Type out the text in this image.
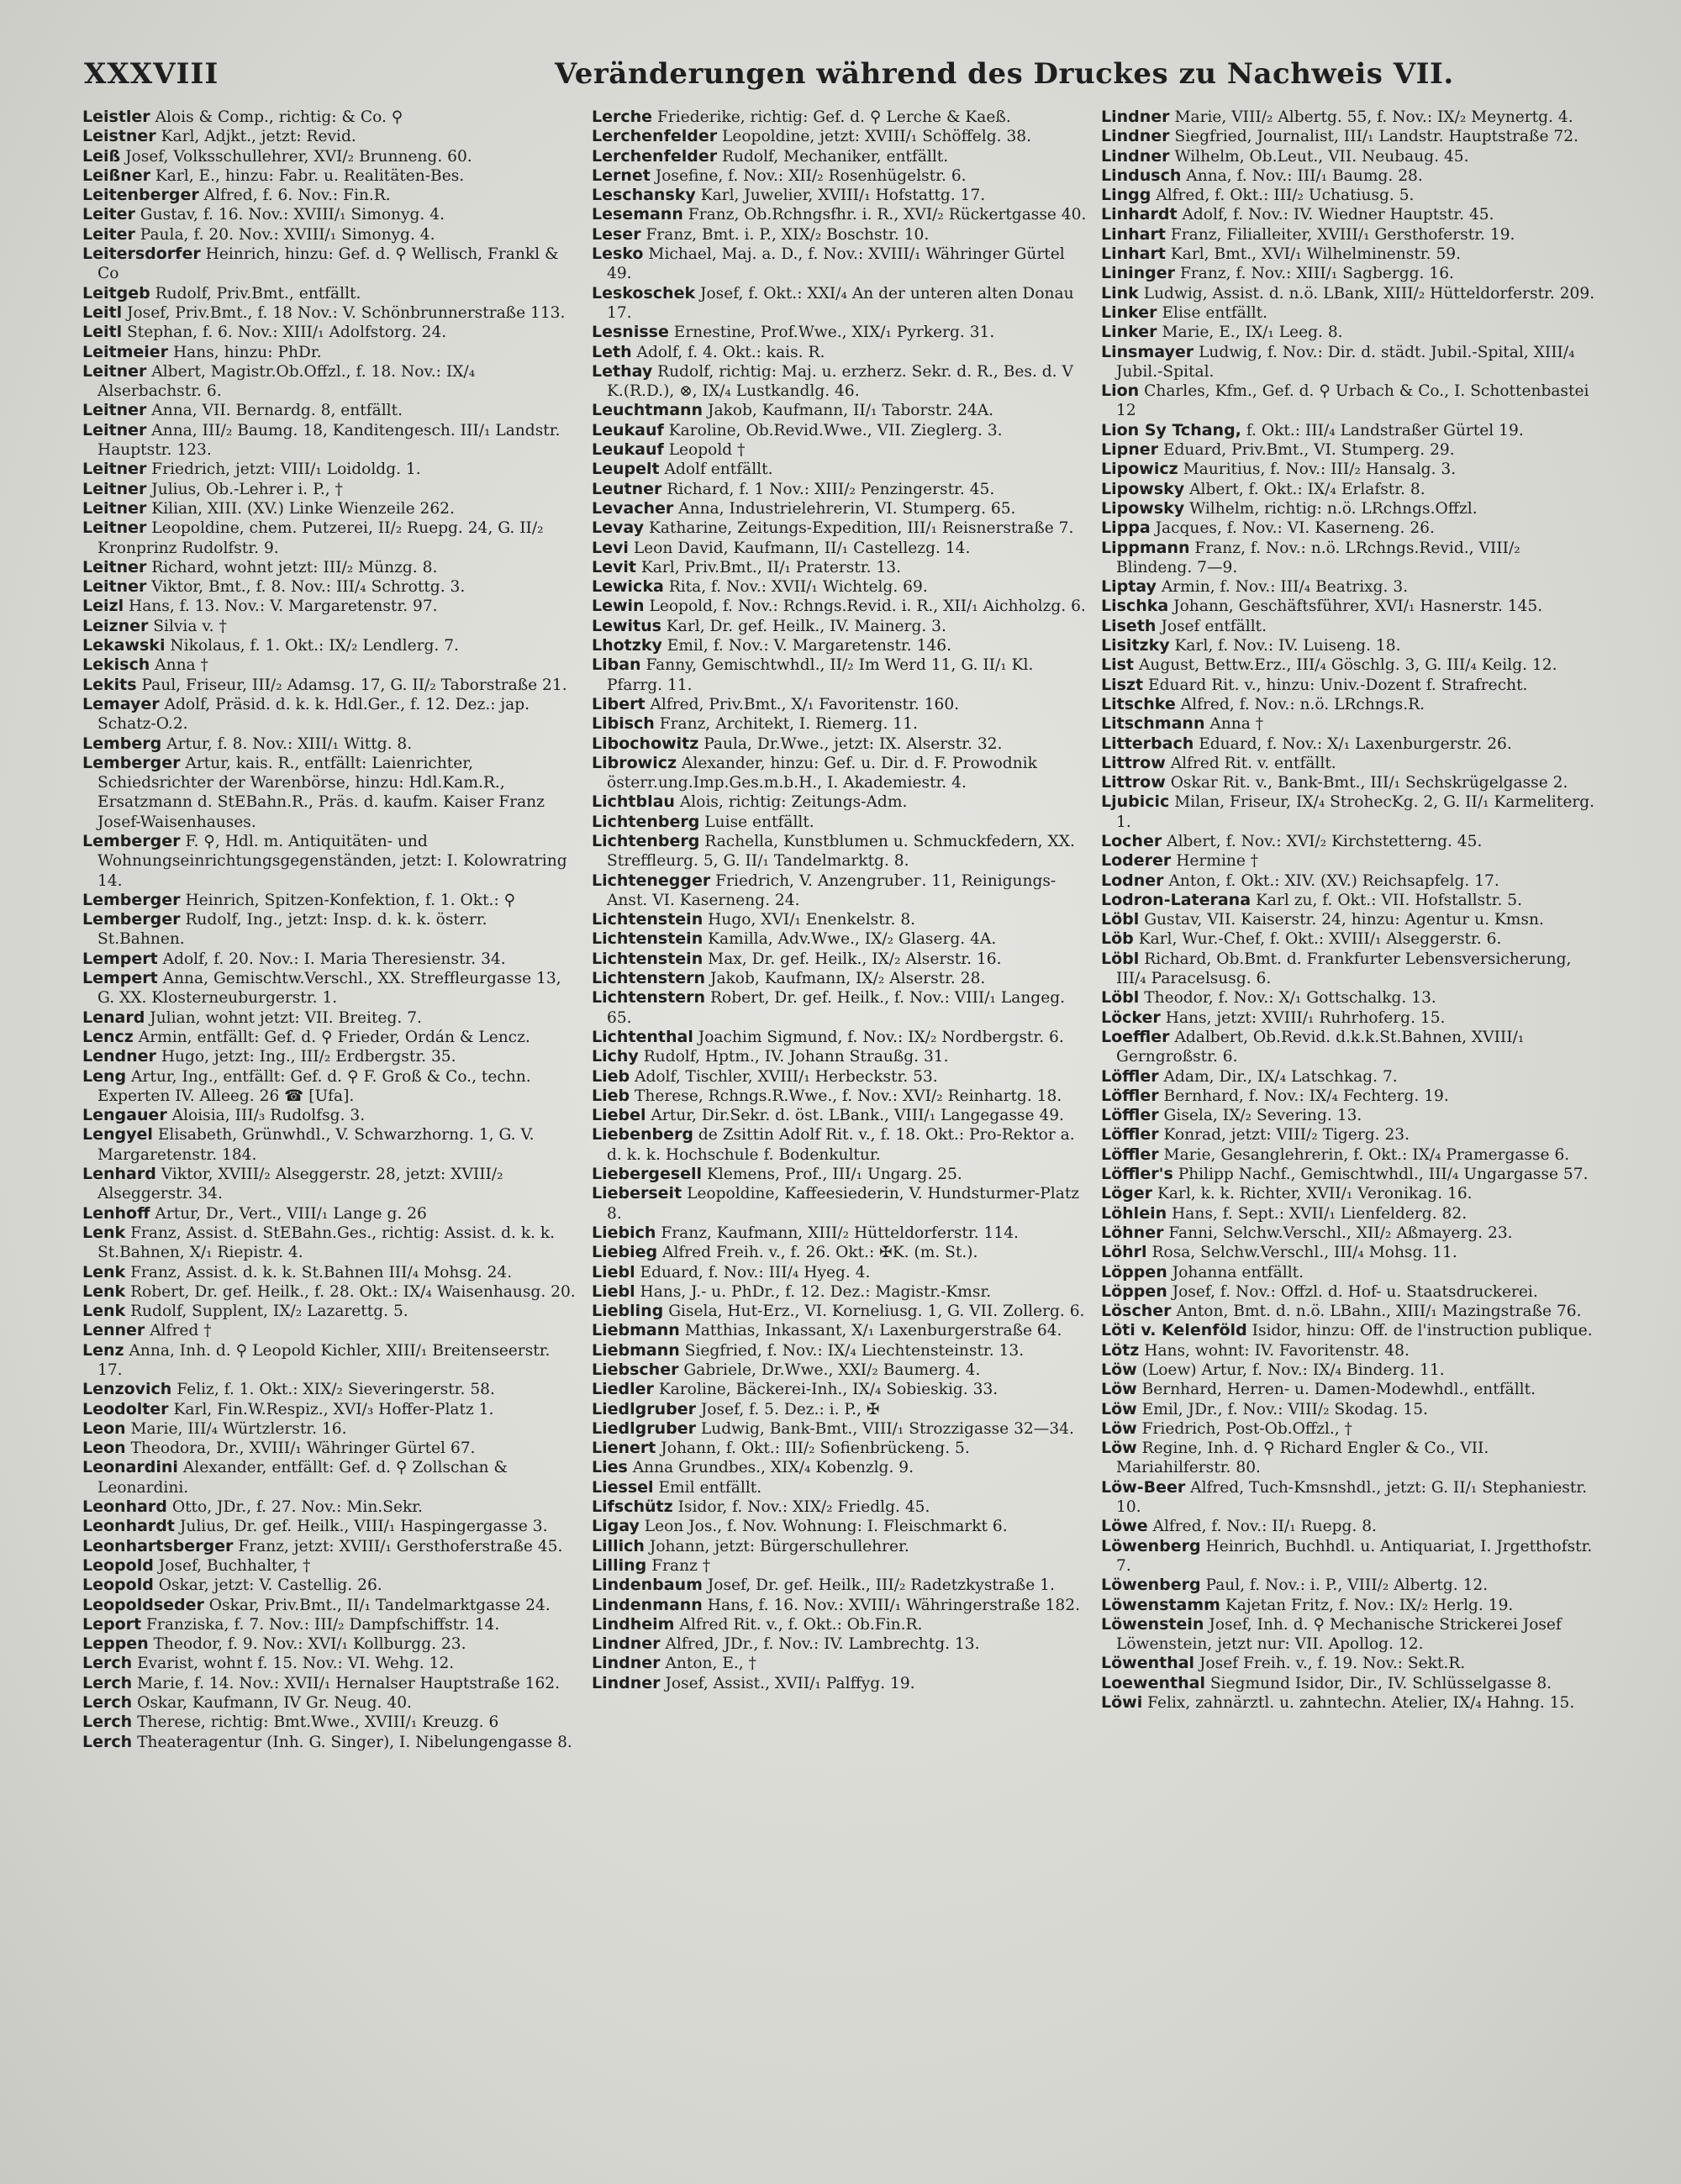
XXXVIII	Veränderungen während des Druckes zu Nachweis VII.

Leistler Alois & Comp., richtig: & Co. ⚲

Leistner Karl, Adjkt., jetzt: Revid.

Leiß Josef, Volksschullehrer, XVI/₂ Brunneng. 60.

Leißner Karl, E., hinzu: Fabr. u. Realitäten-Bes.

Leitenberger Alfred, f. 6. Nov.: Fin.R.

Leiter Gustav, f. 16. Nov.: XVIII/₁ Simonyg. 4.

Leiter Paula, f. 20. Nov.: XVIII/₁ Simonyg. 4.

Leitersdorfer Heinrich, hinzu: Gef. d. ⚲ Wellisch, Frankl & Co

Leitgeb Rudolf, Priv.Bmt., entfällt.

Leitl Josef, Priv.Bmt., f. 18 Nov.: V. Schönbrunnerstraße 113.

Leitl Stephan, f. 6. Nov.: XIII/₁ Adolfstorg. 24.

Leitmeier Hans, hinzu: PhDr.

Leitner Albert, Magistr.Ob.Offzl., f. 18. Nov.: IX/₄ Alserbachstr. 6.

Leitner Anna, VII. Bernardg. 8, entfällt.

Leitner Anna, III/₂ Baumg. 18, Kanditengesch. III/₁ Landstr. Hauptstr. 123.

Leitner Friedrich, jetzt: VIII/₁ Loidoldg. 1.

Leitner Julius, Ob.-Lehrer i. P., †

Leitner Kilian, XIII. (XV.) Linke Wienzeile 262.

Leitner Leopoldine, chem. Putzerei, II/₂ Ruepg. 24, G. II/₂ Kronprinz Rudolfstr. 9.

Leitner Richard, wohnt jetzt: III/₂ Münzg. 8.

Leitner Viktor, Bmt., f. 8. Nov.: III/₄ Schrottg. 3.

Leizl Hans, f. 13. Nov.: V. Margaretenstr. 97.

Leizner Silvia v. †

Lekawski Nikolaus, f. 1. Okt.: IX/₂ Lendlerg. 7.

Lekisch Anna †

Lekits Paul, Friseur, III/₂ Adamsg. 17, G. II/₂ Taborstraße 21.

Lemayer Adolf, Präsid. d. k. k. Hdl.Ger., f. 12. Dez.: jap. Schatz-O.2.

Lemberg Artur, f. 8. Nov.: XIII/₁ Wittg. 8.

Lemberger Artur, kais. R., entfällt: Laienrichter, Schiedsrichter der Warenbörse, hinzu: Hdl.Kam.R., Ersatzmann d. StEBahn.R., Präs. d. kaufm. Kaiser Franz Josef-Waisenhauses.

Lemberger F. ⚲, Hdl. m. Antiquitäten- und Wohnungseinrichtungsgegenständen, jetzt: I. Kolowratring 14.

Lemberger Heinrich, Spitzen-Konfektion, f. 1. Okt.: ⚲

Lemberger Rudolf, Ing., jetzt: Insp. d. k. k. österr. St.Bahnen.

Lempert Adolf, f. 20. Nov.: I. Maria Theresienstr. 34.

Lempert Anna, Gemischtw.Verschl., XX. Streffleurgasse 13, G. XX. Klosterneuburgerstr. 1.

Lenard Julian, wohnt jetzt: VII. Breiteg. 7.

Lencz Armin, entfällt: Gef. d. ⚲ Frieder, Ordán & Lencz.

Lendner Hugo, jetzt: Ing., III/₂ Erdbergstr. 35.

Leng Artur, Ing., entfällt: Gef. d. ⚲ F. Groß & Co., techn. Experten IV. Alleeg. 26 ☎ [Ufa].

Lengauer Aloisia, III/₃ Rudolfsg. 3.

Lengyel Elisabeth, Grünwhdl., V. Schwarzhorng. 1, G. V. Margaretenstr. 184.

Lenhard Viktor, XVIII/₂ Alseggerstr. 28, jetzt: XVIII/₂ Alseggerstr. 34.

Lenhoff Artur, Dr., Vert., VIII/₁ Lange g. 26

Lenk Franz, Assist. d. StEBahn.Ges., richtig: Assist. d. k. k. St.Bahnen, X/₁ Riepistr. 4.

Lenk Franz, Assist. d. k. k. St.Bahnen III/₄ Mohsg. 24.

Lenk Robert, Dr. gef. Heilk., f. 28. Okt.: IX/₄ Waisenhausg. 20.

Lenk Rudolf, Supplent, IX/₂ Lazarettg. 5.

Lenner Alfred †

Lenz Anna, Inh. d. ⚲ Leopold Kichler, XIII/₁ Breitenseerstr. 17.

Lenzovich Feliz, f. 1. Okt.: XIX/₂ Sieveringerstr. 58.

Leodolter Karl, Fin.W.Respiz., XVI/₃ Hoffer-Platz 1.

Leon Marie, III/₄ Würtzlerstr. 16.

Leon Theodora, Dr., XVIII/₁ Währinger Gürtel 67.

Leonardini Alexander, entfällt: Gef. d. ⚲ Zollschan & Leonardini.

Leonhard Otto, JDr., f. 27. Nov.: Min.Sekr.

Leonhardt Julius, Dr. gef. Heilk., VIII/₁ Haspingergasse 3.

Leonhartsberger Franz, jetzt: XVIII/₁ Gersthoferstraße 45.

Leopold Josef, Buchhalter, †

Leopold Oskar, jetzt: V. Castellig. 26.

Leopoldseder Oskar, Priv.Bmt., II/₁ Tandelmarktgasse 24.

Leport Franziska, f. 7. Nov.: III/₂ Dampfschiffstr. 14.

Leppen Theodor, f. 9. Nov.: XVI/₁ Kollburgg. 23.

Lerch Evarist, wohnt f. 15. Nov.: VI. Wehg. 12.

Lerch Marie, f. 14. Nov.: XVII/₁ Hernalser Hauptstraße 162.

Lerch Oskar, Kaufmann, IV Gr. Neug. 40.

Lerch Therese, richtig: Bmt.Wwe., XVIII/₁ Kreuzg. 6

Lerch Theateragentur (Inh. G. Singer), I. Nibelungengasse 8.

Lerche Friederike, richtig: Gef. d. ⚲ Lerche & Kaeß.

Lerchenfelder Leopoldine, jetzt: XVIII/₁ Schöffelg. 38.

Lerchenfelder Rudolf, Mechaniker, entfällt.

Lernet Josefine, f. Nov.: XII/₂ Rosenhügelstr. 6.

Leschansky Karl, Juwelier, XVIII/₁ Hofstattg. 17.

Lesemann Franz, Ob.Rchngsfhr. i. R., XVI/₂ Rückertgasse 40.

Leser Franz, Bmt. i. P., XIX/₂ Boschstr. 10.

Lesko Michael, Maj. a. D., f. Nov.: XVIII/₁ Währinger Gürtel 49.

Leskoschek Josef, f. Okt.: XXI/₄ An der unteren alten Donau 17.

Lesnisse Ernestine, Prof.Wwe., XIX/₁ Pyrkerg. 31.

Leth Adolf, f. 4. Okt.: kais. R.

Lethay Rudolf, richtig: Maj. u. erzherz. Sekr. d. R., Bes. d. V K.(R.D.), ⊗, IX/₄ Lustkandlg. 46.

Leuchtmann Jakob, Kaufmann, II/₁ Taborstr. 24A.

Leukauf Karoline, Ob.Revid.Wwe., VII. Zieglerg. 3.

Leukauf Leopold †

Leupelt Adolf entfällt.

Leutner Richard, f. 1 Nov.: XIII/₂ Penzingerstr. 45.

Levacher Anna, Industrielehrerin, VI. Stumperg. 65.

Levay Katharine, Zeitungs-Expedition, III/₁ Reisnerstraße 7.

Levi Leon David, Kaufmann, II/₁ Castellezg. 14.

Levit Karl, Priv.Bmt., II/₁ Praterstr. 13.

Lewicka Rita, f. Nov.: XVII/₁ Wichtelg. 69.

Lewin Leopold, f. Nov.: Rchngs.Revid. i. R., XII/₁ Aichholzg. 6.

Lewitus Karl, Dr. gef. Heilk., IV. Mainerg. 3.

Lhotzky Emil, f. Nov.: V. Margaretenstr. 146.

Liban Fanny, Gemischtwhdl., II/₂ Im Werd 11, G. II/₁ Kl. Pfarrg. 11.

Libert Alfred, Priv.Bmt., X/₁ Favoritenstr. 160.

Libisch Franz, Architekt, I. Riemerg. 11.

Libochowitz Paula, Dr.Wwe., jetzt: IX. Alserstr. 32.

Librowicz Alexander, hinzu: Gef. u. Dir. d. F. Prowodnik österr.ung.Imp.Ges.m.b.H., I. Akademiestr. 4.

Lichtblau Alois, richtig: Zeitungs-Adm.

Lichtenberg Luise entfällt.

Lichtenberg Rachella, Kunstblumen u. Schmuckfedern, XX. Streffleurg. 5, G. II/₁ Tandelmarktg. 8.

Lichtenegger Friedrich, V. Anzengrubег. 11, Reinigungs-Anst. VI. Kaserneng. 24.

Lichtenstein Hugo, XVI/₁ Enenkelstr. 8.

Lichtenstein Kamilla, Adv.Wwe., IX/₂ Glaserg. 4A.

Lichtenstein Max, Dr. gef. Heilk., IX/₂ Alserstr. 16.

Lichtenstern Jakob, Kaufmann, IX/₂ Alserstr. 28.

Lichtenstern Robert, Dr. gef. Heilk., f. Nov.: VIII/₁ Langeg. 65.

Lichtenthal Joachim Sigmund, f. Nov.: IX/₂ Nordbergstr. 6.

Lichy Rudolf, Hptm., IV. Johann Straußg. 31.

Lieb Adolf, Tischler, XVIII/₁ Herbeckstr. 53.

Lieb Therese, Rchngs.R.Wwe., f. Nov.: XVI/₂ Reinhartg. 18.

Liebel Artur, Dir.Sekr. d. öst. LBank., VIII/₁ Langegasse 49.

Liebenberg de Zsittin Adolf Rit. v., f. 18. Okt.: Pro-Rektor a. d. k. k. Hochschule f. Bodenkultur.

Liebergesell Klemens, Prof., III/₁ Ungarg. 25.

Lieberseit Leopoldine, Kaffeesiederin, V. Hundsturmer-Platz 8.

Liebich Franz, Kaufmann, XIII/₂ Hütteldorferstr. 114.

Liebieg Alfred Freih. v., f. 26. Okt.: ✠K. (m. St.).

Liebl Eduard, f. Nov.: III/₄ Hyeg. 4.

Liebl Hans, J.- u. PhDr., f. 12. Dez.: Magistr.-Kmsr.

Liebling Gisela, Hut-Erz., VI. Korneliusg. 1, G. VII. Zollerg. 6.

Liebmann Matthias, Inkassant, X/₁ Laxenburgerstraße 64.

Liebmann Siegfried, f. Nov.: IX/₄ Liechtensteinstr. 13.

Liebscher Gabriele, Dr.Wwe., XXI/₂ Baumerg. 4.

Liedler Karoline, Bäckerei-Inh., IX/₄ Sobieskig. 33.

Liedlgruber Josef, f. 5. Dez.: i. P., ✠

Liedlgruber Ludwig, Bank-Bmt., VIII/₁ Strozzigasse 32—34.

Lienert Johann, f. Okt.: III/₂ Sofienbrückeng. 5.

Lies Anna Grundbes., XIX/₄ Kobenzlg. 9.

Liessel Emil entfällt.

Lifschütz Isidor, f. Nov.: XIX/₂ Friedlg. 45.

Ligay Leon Jos., f. Nov. Wohnung: I. Fleischmarkt 6.

Lillich Johann, jetzt: Bürgerschullehrer.

Lilling Franz †

Lindenbaum Josef, Dr. gef. Heilk., III/₂ Radetzkystraße 1.

Lindenmann Hans, f. 16. Nov.: XVIII/₁ Währingerstraße 182.

Lindheim Alfred Rit. v., f. Okt.: Ob.Fin.R.

Lindner Alfred, JDr., f. Nov.: IV. Lambrechtg. 13.

Lindner Anton, E., †

Lindner Josef, Assist., XVII/₁ Palffyg. 19.

Lindner Marie, VIII/₂ Albertg. 55, f. Nov.: IX/₂ Meynertg. 4.

Lindner Siegfried, Journalist, III/₁ Landstr. Hauptstraße 72.

Lindner Wilhelm, Ob.Leut., VII. Neubaug. 45.

Lindusch Anna, f. Nov.: III/₁ Baumg. 28.

Lingg Alfred, f. Okt.: III/₂ Uchatiusg. 5.

Linhardt Adolf, f. Nov.: IV. Wiedner Hauptstr. 45.

Linhart Franz, Filialleiter, XVIII/₁ Gersthoferstr. 19.

Linhart Karl, Bmt., XVI/₁ Wilhelminenstr. 59.

Lininger Franz, f. Nov.: XIII/₁ Sagbergg. 16.

Link Ludwig, Assist. d. n.ö. LBank, XIII/₂ Hütteldorferstr. 209.

Linker Elise entfällt.

Linker Marie, E., IX/₁ Leeg. 8.

Linsmayer Ludwig, f. Nov.: Dir. d. städt. Jubil.-Spital, XIII/₄ Jubil.-Spital.

Lion Charles, Kfm., Gef. d. ⚲ Urbach & Co., I. Schottenbastei 12

Lion Sy Tchang, f. Okt.: III/₄ Landstraßer Gürtel 19.

Lipner Eduard, Priv.Bmt., VI. Stumperg. 29.

Lipowicz Mauritius, f. Nov.: III/₂ Hansalg. 3.

Lipowsky Albert, f. Okt.: IX/₄ Erlafstr. 8.

Lipowsky Wilhelm, richtig: n.ö. LRchngs.Offzl.

Lippa Jacques, f. Nov.: VI. Kaserneng. 26.

Lippmann Franz, f. Nov.: n.ö. LRchngs.Revid., VIII/₂ Blindeng. 7—9.

Liptay Armin, f. Nov.: III/₄ Beatrixg. 3.

Lischka Johann, Geschäftsführer, XVI/₁ Hasnerstr. 145.

Liseth Josef entfällt.

Lisitzky Karl, f. Nov.: IV. Luiseng. 18.

List August, Bettw.Erz., III/₄ Göschlg. 3, G. III/₄ Keilg. 12.

Liszt Eduard Rit. v., hinzu: Univ.-Dozent f. Strafrecht.

Litschke Alfred, f. Nov.: n.ö. LRchngs.R.

Litschmann Anna †

Litterbach Eduard, f. Nov.: X/₁ Laxenburgerstr. 26.

Littrow Alfred Rit. v. entfällt.

Littrow Oskar Rit. v., Bank-Bmt., III/₁ Sechskrügelgasse 2.

Ljubicic Milan, Friseur, IX/₄ StrohecKg. 2, G. II/₁ Karmeliterg. 1.

Locher Albert, f. Nov.: XVI/₂ Kirchstetterng. 45.

Loderer Hermine †

Lodner Anton, f. Okt.: XIV. (XV.) Reichsapfelg. 17.

Lodron-Laterana Karl zu, f. Okt.: VII. Hofstallstr. 5.

Löbl Gustav, VII. Kaiserstr. 24, hinzu: Agentur u. Kmsn.

Löb Karl, Wur.-Chef, f. Okt.: XVIII/₁ Alseggerstr. 6.

Löbl Richard, Ob.Bmt. d. Frankfurter Lebensversicherung, III/₄ Paracelsusg. 6.

Löbl Theodor, f. Nov.: X/₁ Gottschalkg. 13.

Löcker Hans, jetzt: XVIII/₁ Ruhrhoferg. 15.

Loeffler Adalbert, Ob.Revid. d.k.k.St.Bahnen, XVIII/₁ Gerngroßstr. 6.

Löffler Adam, Dir., IX/₄ Latschkag. 7.

Löffler Bernhard, f. Nov.: IX/₄ Fechterg. 19.

Löffler Gisela, IX/₂ Severing. 13.

Löffler Konrad, jetzt: VIII/₂ Tigerg. 23.

Löffler Marie, Gesanglehrerin, f. Okt.: IX/₄ Pramergasse 6.

Löffler's Philipp Nachf., Gemischtwhdl., III/₄ Ungargasse 57.

Löger Karl, k. k. Richter, XVII/₁ Veronikag. 16.

Löhlein Hans, f. Sept.: XVII/₁ Lienfelderg. 82.

Löhner Fanni, Selchw.Verschl., XII/₂ Aßmayerg. 23.

Löhrl Rosa, Selchw.Verschl., III/₄ Mohsg. 11.

Löppen Johanna entfällt.

Löppen Josef, f. Nov.: Offzl. d. Hof- u. Staatsdruckerei.

Löscher Anton, Bmt. d. n.ö. LBahn., XIII/₁ Mazingstraße 76.

Löti v. Kelenföld Isidor, hinzu: Off. de l'instruction publique.

Lötz Hans, wohnt: IV. Favoritenstr. 48.

Löw (Loew) Artur, f. Nov.: IX/₄ Binderg. 11.

Löw Bernhard, Herren- u. Damen-Modewhdl., entfällt.

Löw Emil, JDr., f. Nov.: VIII/₂ Skodag. 15.

Löw Friedrich, Post-Ob.Offzl., †

Löw Regine, Inh. d. ⚲ Richard Engler & Co., VII. Mariahilferstr. 80.

Löw-Beer Alfred, Tuch-Kmsnshdl., jetzt: G. II/₁ Stephaniestr. 10.

Löwe Alfred, f. Nov.: II/₁ Ruepg. 8.

Löwenberg Heinrich, Buchhdl. u. Antiquariat, I. Jrgetthofstr. 7.

Löwenberg Paul, f. Nov.: i. P., VIII/₂ Albertg. 12.

Löwenstamm Kajetan Fritz, f. Nov.: IX/₂ Herlg. 19.

Löwenstein Josef, Inh. d. ⚲ Mechanische Strickerei Josef Löwenstein, jetzt nur: VII. Apollog. 12.

Löwenthal Josef Freih. v., f. 19. Nov.: Sekt.R.

Loewenthal Siegmund Isidor, Dir., IV. Schlüsselgasse 8.

Löwi Felix, zahnärztl. u. zahntechn. Atelier, IX/₄ Hahng. 15.
